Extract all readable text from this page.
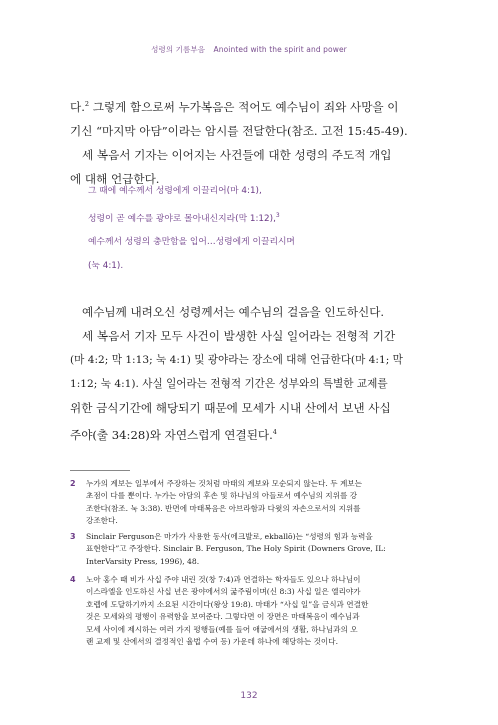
성령의 기름부음 Anointed with the spirit and power
다.$^2$ 그렇게 함으로써 누가복음은 적어도 예수님이 죄와 사망을 이
기신 “마지막 아담”이라는 암시를 전달한다(참조. 고전 15:45-49).
세 복음서 기자는 이어지는 사건들에 대한 성령의 주도적 개입
에 대해 언급한다.
그 때에 예수께서 성령에게 이끌리어(마 4:1),
성령이 곧 예수를 광야로 몰아내신지라(막 1:12),$^3$
예수께서 성령의 충만함을 입어…성령에게 이끌리시며
(눅 4:1).
예수님께 내려오신 성령께서는 예수님의 걸음을 인도하신다.
세 복음서 기자 모두 사건이 발생한 사실 일어라는 전형적 기간
(마 4:2; 막 1:13; 눅 4:1) 및 광야라는 장소에 대해 언급한다(마 4:1; 막
1:12; 눅 4:1). 사실 일어라는 전형적 기간은 성부와의 특별한 교제를
위한 금식기간에 해당되기 때문에 모세가 시내 산에서 보낸 사십
주야(출 34:28)와 자연스럽게 연결된다.$^4$
2 누가의 계보는 일부에서 주장하는 것처럼 마태의 계보와 모순되지 않는다. 두 계보는
초점이 다를 뿐이다. 누가는 아담의 후손 및 하나님의 아들로서 예수님의 지위를 강
조한다(참조. 눅 3:38). 반면에 마태복음은 아브라함과 다윗의 자손으로서의 지위를
강조한다.
3 Sinclair Ferguson은 마가가 사용한 동사(에크발로, ekballō)는 “성령의 힘과 능력을
표현한다”고 주장한다. Sinclair B. Ferguson, The Holy Spirit (Downers Grove, IL:
InterVarsity Press, 1996), 48.
4 노아 홍수 때 비가 사십 주야 내린 것(창 7:4)과 연결하는 학자들도 있으나 하나님이
이스라엘을 인도하신 사십 년은 광야에서의 굶주림이며(신 8:3) 사십 일은 엘리야가
호렙에 도달하기까지 소요된 시간이다(왕상 19:8). 마태가 “사십 일”을 금식과 연결한
것은 모세와의 평행이 유력함을 보여준다. 그렇다면 이 장면은 마태복음이 예수님과
모세 사이에 제시하는 여러 가지 평행들(예를 들어 애굽에서의 생활, 하나님과의 오
랜 교제 및 산에서의 결정적인 율법 수여 등) 가운데 하나에 해당하는 것이다.
132
